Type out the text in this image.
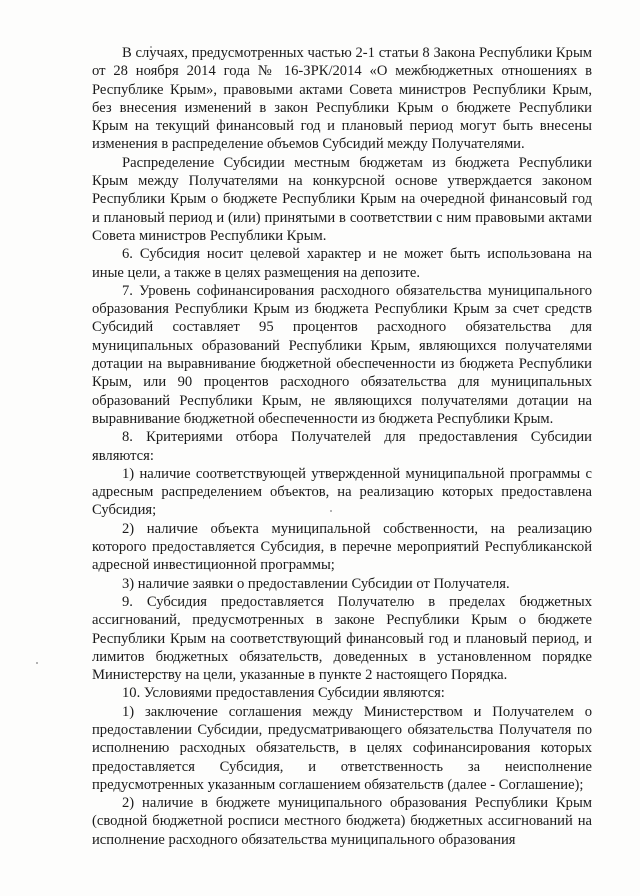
В случаях, предусмотренных частью 2-1 статьи 8 Закона Республики Крым от 28 ноября 2014 года № 16-ЗРК/2014 «О межбюджетных отношениях в Республике Крым», правовыми актами Совета министров Республики Крым, без внесения изменений в закон Республики Крым о бюджете Республики Крым на текущий финансовый год и плановый период могут быть внесены изменения в распределение объемов Субсидий между Получателями.

Распределение Субсидии местным бюджетам из бюджета Республики Крым между Получателями на конкурсной основе утверждается законом Республики Крым о бюджете Республики Крым на очередной финансовый год и плановый период и (или) принятыми в соответствии с ним правовыми актами Совета министров Республики Крым.

6. Субсидия носит целевой характер и не может быть использована на иные цели, а также в целях размещения на депозите.

7. Уровень софинансирования расходного обязательства муниципального образования Республики Крым из бюджета Республики Крым за счет средств Субсидий составляет 95 процентов расходного обязательства для муниципальных образований Республики Крым, являющихся получателями дотации на выравнивание бюджетной обеспеченности из бюджета Республики Крым, или 90 процентов расходного обязательства для муниципальных образований Республики Крым, не являющихся получателями дотации на выравнивание бюджетной обеспеченности из бюджета Республики Крым.

8. Критериями отбора Получателей для предоставления Субсидии являются:

1) наличие соответствующей утвержденной муниципальной программы с адресным распределением объектов, на реализацию которых предоставлена Субсидия;

2) наличие объекта муниципальной собственности, на реализацию которого предоставляется Субсидия, в перечне мероприятий Республиканской адресной инвестиционной программы;

3) наличие заявки о предоставлении Субсидии от Получателя.

9. Субсидия предоставляется Получателю в пределах бюджетных ассигнований, предусмотренных в законе Республики Крым о бюджете Республики Крым на соответствующий финансовый год и плановый период, и лимитов бюджетных обязательств, доведенных в установленном порядке Министерству на цели, указанные в пункте 2 настоящего Порядка.

10. Условиями предоставления Субсидии являются:

1) заключение соглашения между Министерством и Получателем о предоставлении Субсидии, предусматривающего обязательства Получателя по исполнению расходных обязательств, в целях софинансирования которых предоставляется Субсидия, и ответственность за неисполнение предусмотренных указанным соглашением обязательств (далее - Соглашение);

2) наличие в бюджете муниципального образования Республики Крым (сводной бюджетной росписи местного бюджета) бюджетных ассигнований на исполнение расходного обязательства муниципального образования
